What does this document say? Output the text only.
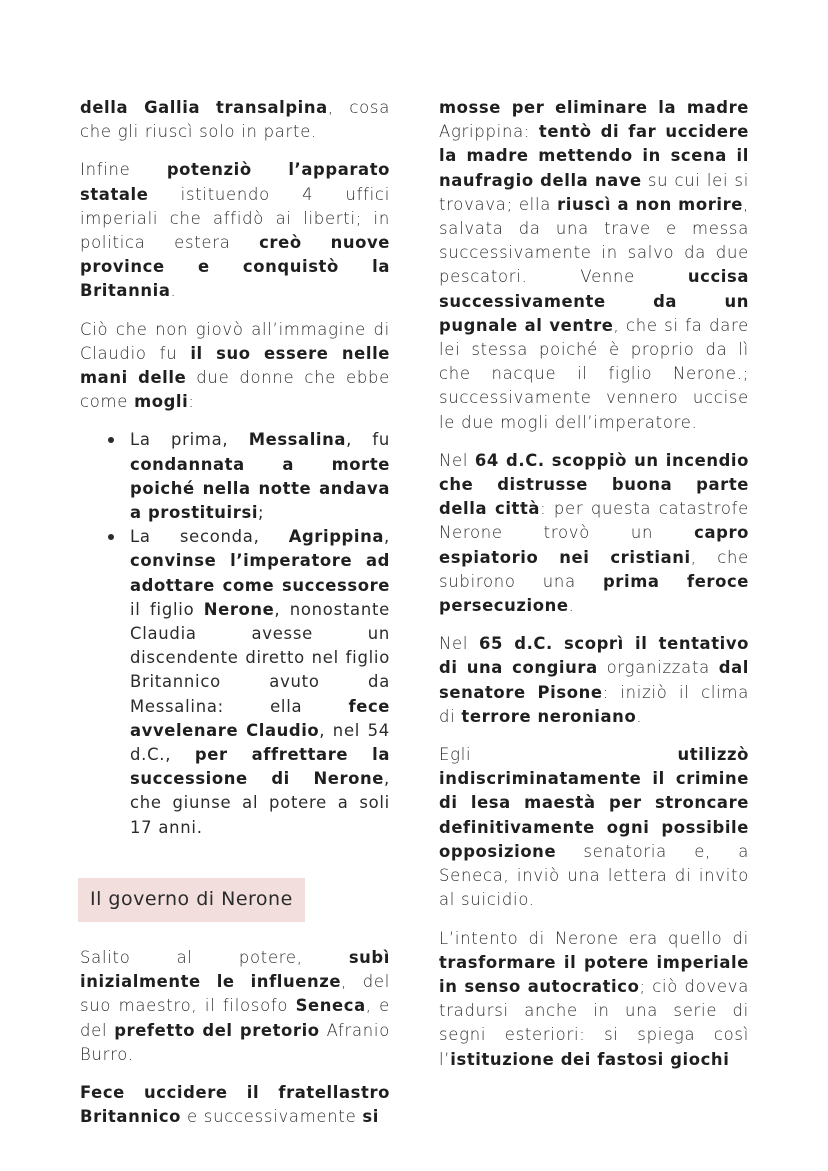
della Gallia transalpina, cosa che gli riuscì solo in parte.

Infine potenziò l’apparato statale istituendo 4 uffici imperiali che affidò ai liberti; in politica estera creò nuove province e conquistò la Britannia.

Ciò che non giovò all’immagine di Claudio fu il suo essere nelle mani delle due donne che ebbe come mogli:

La prima, Messalina, fu condannata a morte poiché nella notte andava a prostituirsi;
La seconda, Agrippina, convinse l’imperatore ad adottare come successore il figlio Nerone, nonostante Claudia avesse un discendente diretto nel figlio Britannico avuto da Messalina: ella fece avvelenare Claudio, nel 54 d.C., per affrettare la successione di Nerone, che giunse al potere a soli 17 anni.
Il governo di Nerone

Salito al potere, subì inizialmente le influenze, del suo maestro, il filosofo Seneca, e del prefetto del pretorio Afranio Burro.

Fece uccidere il fratellastro Britannico e successivamente si

mosse per eliminare la madre Agrippina: tentò di far uccidere la madre mettendo in scena il naufragio della nave su cui lei si trovava; ella riuscì a non morire, salvata da una trave e messa successivamente in salvo da due pescatori. Venne uccisa successivamente da un pugnale al ventre, che si fa dare lei stessa poiché è proprio da lì che nacque il figlio Nerone.; successivamente vennero uccise le due mogli dell’imperatore.

Nel 64 d.C. scoppiò un incendio che distrusse buona parte della città: per questa catastrofe Nerone trovò un capro espiatorio nei cristiani, che subirono una prima feroce persecuzione.

Nel 65 d.C. scoprì il tentativo di una congiura organizzata dal senatore Pisone: iniziò il clima di terrore neroniano.

Egli utilizzò indiscriminatamente il crimine di lesa maestà per stroncare definitivamente ogni possibile opposizione senatoria e, a Seneca, inviò una lettera di invito al suicidio.

L’intento di Nerone era quello di trasformare il potere imperiale in senso autocratico; ciò doveva tradursi anche in una serie di segni esteriori: si spiega così l’istituzione dei fastosi giochi
